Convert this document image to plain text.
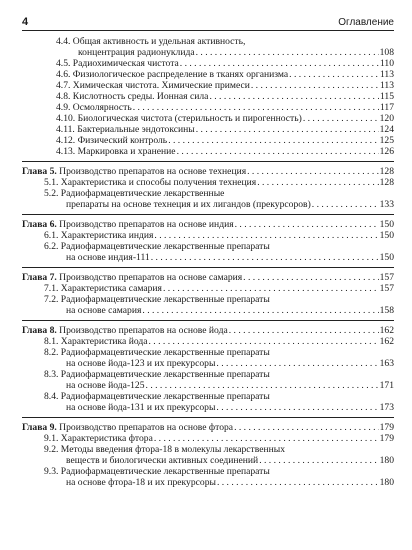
4	Оглавление
4.4. Общая активность и удельная активность,
концентрация радионуклида . . .	108
4.5. Радиохимическая чистота . . .	110
4.6. Физиологическое распределение в тканях организма . . .	113
4.7. Химическая чистота. Химические примеси . . .	113
4.8. Кислотность среды. Ионная сила . . .	115
4.9. Осмолярность . . .	117
4.10. Биологическая чистота (стерильность и пирогенность) . . .	120
4.11. Бактериальные эндотоксины . . .	124
4.12. Физический контроль . . .	125
4.13. Маркировка и хранение . . .	126
Глава 5. Производство препаратов на основе технеция . . .	128
5.1. Характеристика и способы получения технеция . . .	128
5.2. Радиофармацевтические лекарственные
препараты на основе технеция и их лигандов (прекурсоров) . . .	133
Глава 6. Производство препаратов на основе индия . . .	150
6.1. Характеристика индия . . .	150
6.2. Радиофармацевтические лекарственные препараты
на основе индия-111 . . .	150
Глава 7. Производство препаратов на основе самария . . .	157
7.1. Характеристика самария . . .	157
7.2. Радиофармацевтические лекарственные препараты
на основе самария . . .	158
Глава 8. Производство препаратов на основе йода . . .	162
8.1. Характеристика йода . . .	162
8.2. Радиофармацевтические лекарственные препараты
на основе йода-123 и их прекурсоры . . .	163
8.3. Радиофармацевтические лекарственные препараты
на основе йода-125 . . .	171
8.4. Радиофармацевтические лекарственные препараты
на основе йода-131 и их прекурсоры . . .	173
Глава 9. Производство препаратов на основе фтора . . .	179
9.1. Характеристика фтора . . .	179
9.2. Методы введения фтора-18 в молекулы лекарственных
веществ и биологически активных соединений . . .	180
9.3. Радиофармацевтические лекарственные препараты
на основе фтора-18 и их прекурсоры . . .	180
